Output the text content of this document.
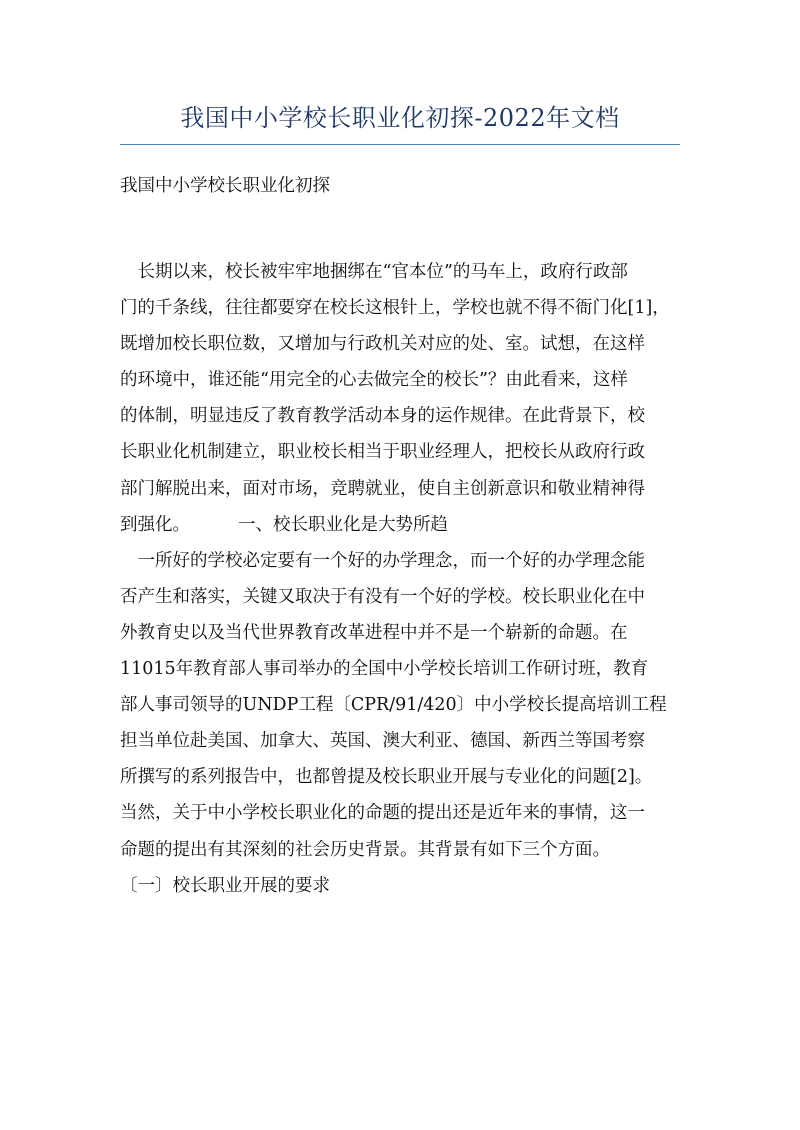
我国中小学校长职业化初探-2022年文档

我国中小学校长职业化初探

　长期以来，校长被牢牢地捆绑在“官本位”的马车上，政府行政部
门的千条线，往往都要穿在校长这根针上，学校也就不得不衙门化[1]，
既增加校长职位数，又增加与行政机关对应的处、室。试想，在这样
的环境中，谁还能“用完全的心去做完全的校长”？由此看来，这样
的体制，明显违反了教育教学活动本身的运作规律。在此背景下，校
长职业化机制建立，职业校长相当于职业经理人，把校长从政府行政
部门解脱出来，面对市场，竞聘就业，使自主创新意识和敬业精神得
到强化。	一、校长职业化是大势所趋
　一所好的学校必定要有一个好的办学理念，而一个好的办学理念能
否产生和落实，关键又取决于有没有一个好的学校。校长职业化在中
外教育史以及当代世界教育改革进程中并不是一个崭新的命题。在
11015年教育部人事司举办的全国中小学校长培训工作研讨班，教育
部人事司领导的UNDP工程〔CPR/91/420〕中小学校长提高培训工程
担当单位赴美国、加拿大、英国、澳大利亚、德国、新西兰等国考察
所撰写的系列报告中，也都曾提及校长职业开展与专业化的问题[2]。
当然，关于中小学校长职业化的命题的提出还是近年来的事情，这一
命题的提出有其深刻的社会历史背景。其背景有如下三个方面。
〔一〕校长职业开展的要求
